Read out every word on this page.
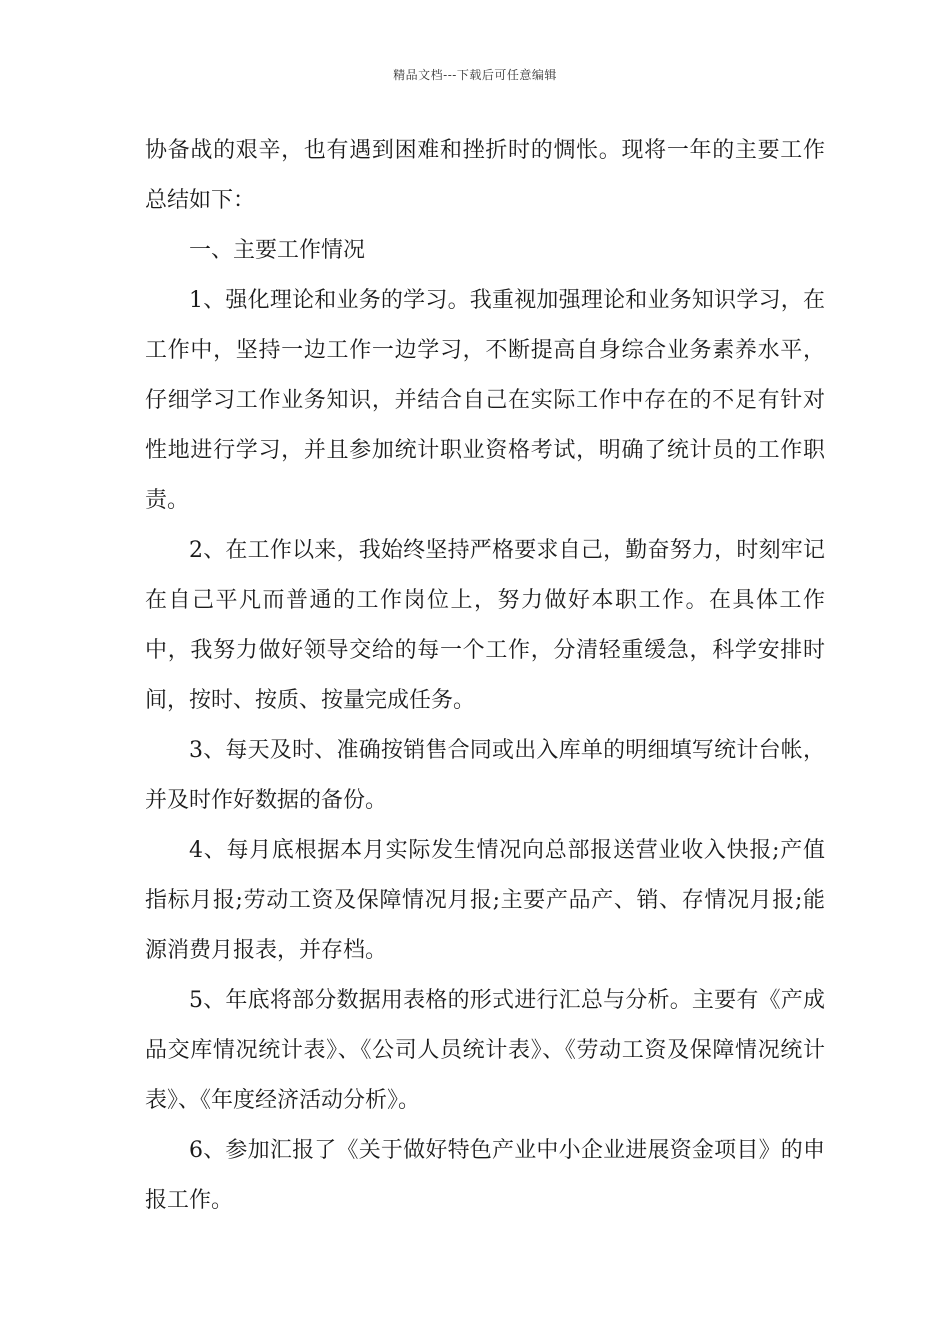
精品文档---下载后可任意编辑

协备战的艰辛，也有遇到困难和挫折时的惆怅。现将一年的主要工作总结如下：

一、主要工作情况

1、强化理论和业务的学习。我重视加强理论和业务知识学习，在工作中，坚持一边工作一边学习，不断提高自身综合业务素养水平，仔细学习工作业务知识，并结合自己在实际工作中存在的不足有针对性地进行学习，并且参加统计职业资格考试，明确了统计员的工作职责。

2、在工作以来，我始终坚持严格要求自己，勤奋努力，时刻牢记在自己平凡而普通的工作岗位上，努力做好本职工作。在具体工作中，我努力做好领导交给的每一个工作，分清轻重缓急，科学安排时间，按时、按质、按量完成任务。

3、每天及时、准确按销售合同或出入库单的明细填写统计台帐，并及时作好数据的备份。

4、每月底根据本月实际发生情况向总部报送营业收入快报;产值指标月报;劳动工资及保障情况月报;主要产品产、销、存情况月报;能源消费月报表，并存档。

5、年底将部分数据用表格的形式进行汇总与分析。主要有《产成品交库情况统计表》、《公司人员统计表》、《劳动工资及保障情况统计表》、《年度经济活动分析》。

6、参加汇报了《关于做好特色产业中小企业进展资金项目》的申报工作。
